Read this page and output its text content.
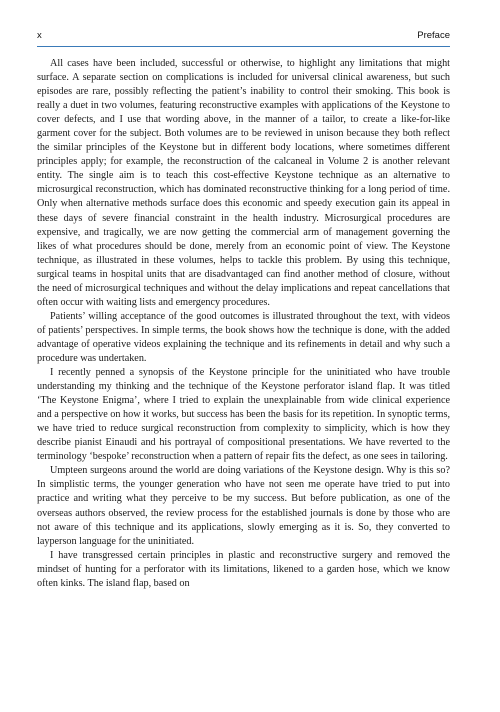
x	Preface

All cases have been included, successful or otherwise, to highlight any limitations that might surface. A separate section on complications is included for universal clinical awareness, but such episodes are rare, possibly reflecting the patient’s inability to control their smoking. This book is really a duet in two volumes, featuring reconstructive examples with applications of the Keystone to cover defects, and I use that wording above, in the manner of a tailor, to create a like-for-like garment cover for the subject. Both volumes are to be reviewed in unison because they both reflect the similar principles of the Keystone but in different body locations, where sometimes different principles apply; for example, the reconstruction of the calcaneal in Volume 2 is another relevant entity. The single aim is to teach this cost-effective Keystone technique as an alternative to microsurgical reconstruction, which has dominated reconstructive thinking for a long period of time. Only when alternative methods surface does this economic and speedy execution gain its appeal in these days of severe financial constraint in the health industry. Microsurgical procedures are expensive, and tragically, we are now getting the commercial arm of management governing the likes of what procedures should be done, merely from an economic point of view. The Keystone technique, as illustrated in these volumes, helps to tackle this problem. By using this technique, surgical teams in hospital units that are disadvantaged can find another method of closure, without the need of microsurgical techniques and without the delay implications and repeat cancellations that often occur with waiting lists and emergency procedures.

Patients’ willing acceptance of the good outcomes is illustrated throughout the text, with videos of patients’ perspectives. In simple terms, the book shows how the technique is done, with the added advantage of operative videos explaining the technique and its refinements in detail and why such a procedure was undertaken.

I recently penned a synopsis of the Keystone principle for the uninitiated who have trouble understanding my thinking and the technique of the Keystone perforator island flap. It was titled ‘The Keystone Enigma’, where I tried to explain the unexplainable from wide clinical experience and a perspective on how it works, but success has been the basis for its repetition. In synoptic terms, we have tried to reduce surgical reconstruction from complexity to simplicity, which is how they describe pianist Einaudi and his portrayal of compositional presentations. We have reverted to the terminology ‘bespoke’ reconstruction when a pattern of repair fits the defect, as one sees in tailoring.

Umpteen surgeons around the world are doing variations of the Keystone design. Why is this so? In simplistic terms, the younger generation who have not seen me operate have tried to put into practice and writing what they perceive to be my success. But before publication, as one of the overseas authors observed, the review process for the established journals is done by those who are not aware of this technique and its applications, slowly emerging as it is. So, they converted to layperson language for the uninitiated.

I have transgressed certain principles in plastic and reconstructive surgery and removed the mindset of hunting for a perforator with its limitations, likened to a garden hose, which we know often kinks. The island flap, based on
